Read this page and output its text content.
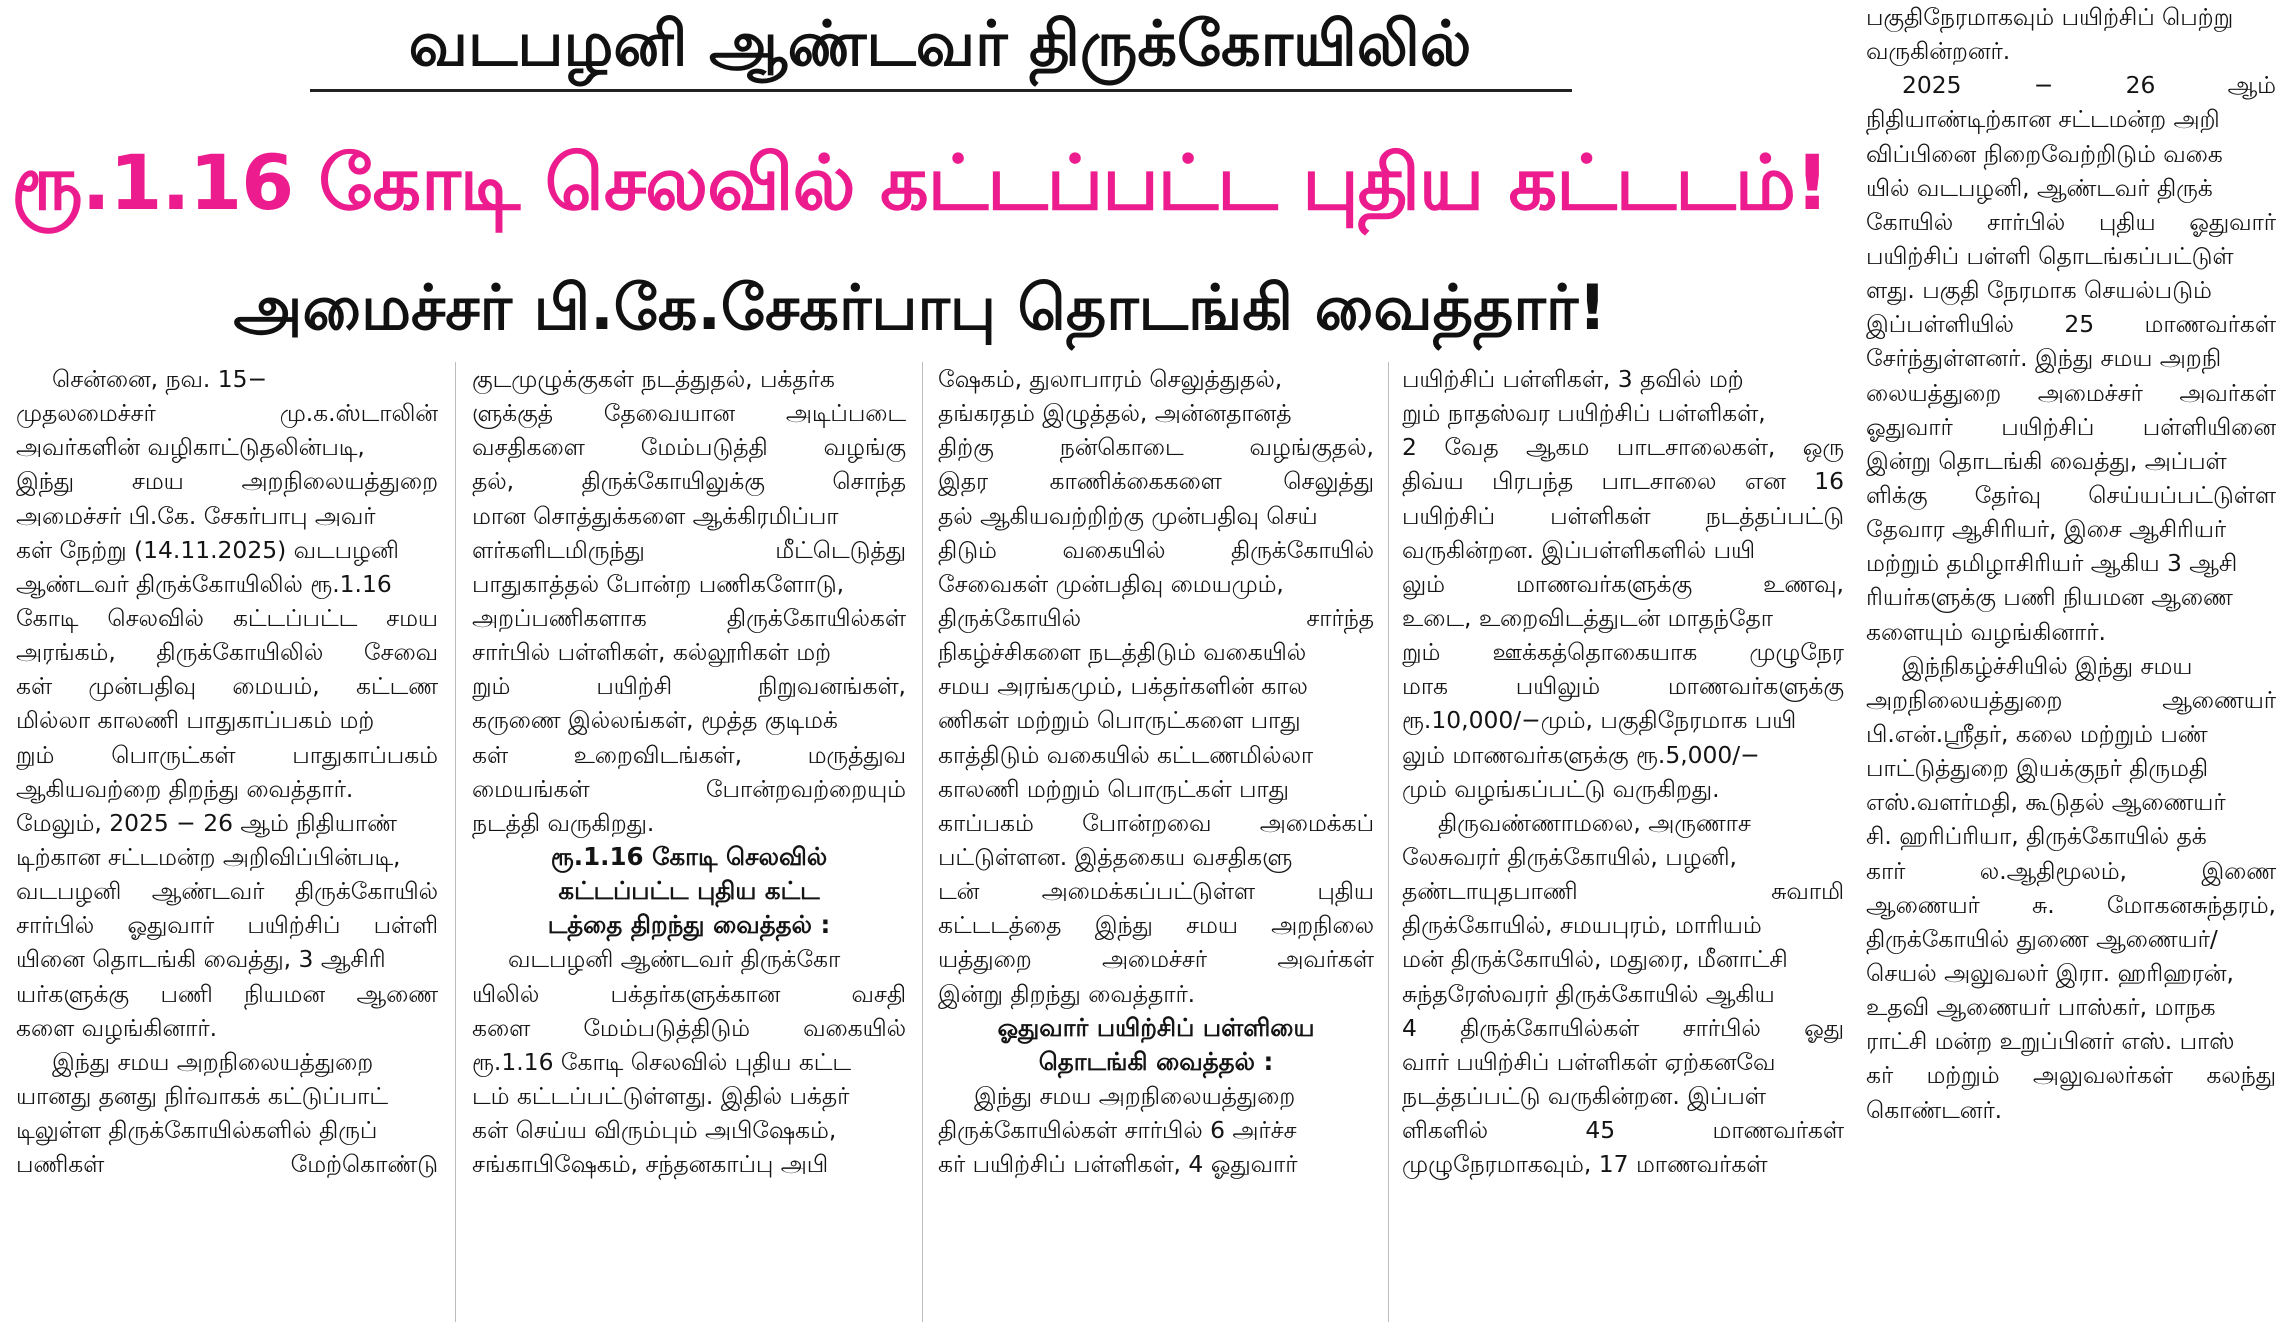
வடபழனி ஆண்டவர் திருக்கோயிலில்
ரூ.1.16 கோடி செலவில் கட்டப்பட்ட புதிய கட்டடம்!
அமைச்சர் பி.கே.சேகர்பாபு தொடங்கி வைத்தார்!
சென்னை, நவ. 15−
முதலமைச்சர் மு.க.ஸ்டாலின்
அவர்களின் வழிகாட்டுதலின்படி,
இந்து சமய அறநிலையத்துறை
அமைச்சர் பி.கே. சேகர்பாபு அவர்
கள் நேற்று (14.11.2025) வடபழனி
ஆண்டவர் திருக்கோயிலில் ரூ.1.16
கோடி செலவில் கட்டப்பட்ட சமய
அரங்கம், திருக்கோயிலில் சேவை
கள் முன்பதிவு மையம், கட்டண
மில்லா காலணி பாதுகாப்பகம் மற்
றும் பொருட்கள் பாதுகாப்பகம்
ஆகியவற்றை திறந்து வைத்தார்.
மேலும், 2025 − 26 ஆம் நிதியாண்
டிற்கான சட்டமன்ற அறிவிப்பின்படி,
வடபழனி ஆண்டவர் திருக்கோயில்
சார்பில் ஓதுவார் பயிற்சிப் பள்ளி
யினை தொடங்கி வைத்து, 3 ஆசிரி
யர்களுக்கு பணி நியமன ஆணை
களை வழங்கினார்.
இந்து சமய அறநிலையத்துறை
யானது தனது நிர்வாகக் கட்டுப்பாட்
டிலுள்ள திருக்கோயில்களில் திருப்
பணிகள் மேற்கொண்டு
குடமுழுக்குகள் நடத்துதல், பக்தர்க
ளுக்குத் தேவையான அடிப்படை
வசதிகளை மேம்படுத்தி வழங்கு
தல், திருக்கோயிலுக்கு சொந்த
மான சொத்துக்களை ஆக்கிரமிப்பா
ளர்களிடமிருந்து மீட்டெடுத்து
பாதுகாத்தல் போன்ற பணிகளோடு,
அறப்பணிகளாக திருக்கோயில்கள்
சார்பில் பள்ளிகள், கல்லூரிகள் மற்
றும் பயிற்சி நிறுவனங்கள்,
கருணை இல்லங்கள், மூத்த குடிமக்
கள் உறைவிடங்கள், மருத்துவ
மையங்கள் போன்றவற்றையும்
நடத்தி வருகிறது.
ரூ.1.16 கோடி செலவில்
கட்டப்பட்ட புதிய கட்ட
டத்தை திறந்து வைத்தல் :
வடபழனி ஆண்டவர் திருக்கோ
யிலில் பக்தர்களுக்கான வசதி
களை மேம்படுத்திடும் வகையில்
ரூ.1.16 கோடி செலவில் புதிய கட்ட
டம் கட்டப்பட்டுள்ளது. இதில் பக்தர்
கள் செய்ய விரும்பும் அபிஷேகம்,
சங்காபிஷேகம், சந்தனகாப்பு அபி
ஷேகம், துலாபாரம் செலுத்துதல்,
தங்கரதம் இழுத்தல், அன்னதானத்
திற்கு நன்கொடை வழங்குதல்,
இதர காணிக்கைகளை செலுத்து
தல் ஆகியவற்றிற்கு முன்பதிவு செய்
திடும் வகையில் திருக்கோயில்
சேவைகள் முன்பதிவு மையமும்,
திருக்கோயில் சார்ந்த
நிகழ்ச்சிகளை நடத்திடும் வகையில்
சமய அரங்கமும், பக்தர்களின் கால
ணிகள் மற்றும் பொருட்களை பாது
காத்திடும் வகையில் கட்டணமில்லா
காலணி மற்றும் பொருட்கள் பாது
காப்பகம் போன்றவை அமைக்கப்
பட்டுள்ளன. இத்தகைய வசதிகளு
டன் அமைக்கப்பட்டுள்ள புதிய
கட்டடத்தை இந்து சமய அறநிலை
யத்துறை அமைச்சர் அவர்கள்
இன்று திறந்து வைத்தார்.
ஓதுவார் பயிற்சிப் பள்ளியை
தொடங்கி வைத்தல் :
இந்து சமய அறநிலையத்துறை
திருக்கோயில்கள் சார்பில் 6 அர்ச்ச
கர் பயிற்சிப் பள்ளிகள், 4 ஓதுவார்
பயிற்சிப் பள்ளிகள், 3 தவில் மற்
றும் நாதஸ்வர பயிற்சிப் பள்ளிகள்,
2 வேத ஆகம பாடசாலைகள், ஒரு
திவ்ய பிரபந்த பாடசாலை என 16
பயிற்சிப் பள்ளிகள் நடத்தப்பட்டு
வருகின்றன. இப்பள்ளிகளில் பயி
லும் மாணவர்களுக்கு உணவு,
உடை, உறைவிடத்துடன் மாதந்தோ
றும் ஊக்கத்தொகையாக முழுநேர
மாக பயிலும் மாணவர்களுக்கு
ரூ.10,000/−மும், பகுதிநேரமாக பயி
லும் மாணவர்களுக்கு ரூ.5,000/−
மும் வழங்கப்பட்டு வருகிறது.
திருவண்ணாமலை, அருணாச
லேசுவரர் திருக்கோயில், பழனி,
தண்டாயுதபாணி சுவாமி
திருக்கோயில், சமயபுரம், மாரியம்
மன் திருக்கோயில், மதுரை, மீனாட்சி
சுந்தரேஸ்வரர் திருக்கோயில் ஆகிய
4 திருக்கோயில்கள் சார்பில் ஓது
வார் பயிற்சிப் பள்ளிகள் ஏற்கனவே
நடத்தப்பட்டு வருகின்றன. இப்பள்
ளிகளில் 45 மாணவர்கள்
முழுநேரமாகவும், 17 மாணவர்கள்
பகுதிநேரமாகவும் பயிற்சிப் பெற்று
வருகின்றனர்.
2025 − 26 ஆம்
நிதியாண்டிற்கான சட்டமன்ற அறி
விப்பினை நிறைவேற்றிடும் வகை
யில் வடபழனி, ஆண்டவர் திருக்
கோயில் சார்பில் புதிய ஓதுவார்
பயிற்சிப் பள்ளி தொடங்கப்பட்டுள்
ளது. பகுதி நேரமாக செயல்படும்
இப்பள்ளியில் 25 மாணவர்கள்
சேர்ந்துள்ளனர். இந்து சமய அறநி
லையத்துறை அமைச்சர் அவர்கள்
ஓதுவார் பயிற்சிப் பள்ளியினை
இன்று தொடங்கி வைத்து, அப்பள்
ளிக்கு தேர்வு செய்யப்பட்டுள்ள
தேவார ஆசிரியர், இசை ஆசிரியர்
மற்றும் தமிழாசிரியர் ஆகிய 3 ஆசி
ரியர்களுக்கு பணி நியமன ஆணை
களையும் வழங்கினார்.
இந்நிகழ்ச்சியில் இந்து சமய
அறநிலையத்துறை ஆணையர்
பி.என்.ஸ்ரீதர், கலை மற்றும் பண்
பாட்டுத்துறை இயக்குநர் திருமதி
எஸ்.வளர்மதி, கூடுதல் ஆணையர்
சி. ஹரிப்ரியா, திருக்கோயில் தக்
கார் ல.ஆதிமூலம், இணை
ஆணையர் சு. மோகனசுந்தரம்,
திருக்கோயில் துணை ஆணையர்/
செயல் அலுவலர் இரா. ஹரிஹரன்,
உதவி ஆணையர் பாஸ்கர், மாநக
ராட்சி மன்ற உறுப்பினர் எஸ். பாஸ்
கர் மற்றும் அலுவலர்கள் கலந்து
கொண்டனர்.
